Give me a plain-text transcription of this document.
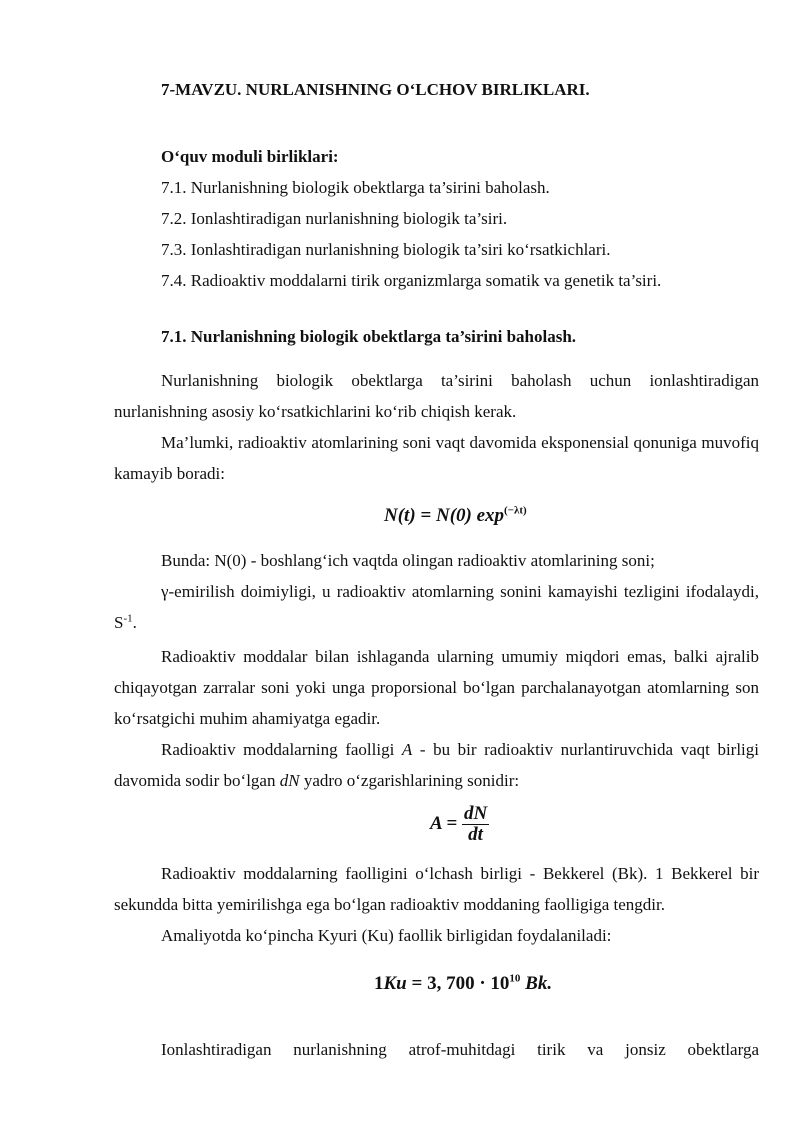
7-MAVZU. NURLANISHNING O‘LCHOV BIRLIKLARI.
O‘quv moduli birliklari:

7.1. Nurlanishning biologik obektlarga ta’sirini baholash.

7.2. Ionlashtiradigan nurlanishning biologik ta’siri.

7.3. Ionlashtiradigan nurlanishning biologik ta’siri ko‘rsatkichlari.

7.4. Radioaktiv moddalarni tirik organizmlarga somatik va genetik ta’siri.

7.1. Nurlanishning biologik obektlarga ta’sirini baholash.

Nurlanishning biologik obektlarga ta’sirini baholash uchun ionlashtiradigan nurlanishning asosiy ko‘rsatkichlarini ko‘rib chiqish kerak.

Ma’lumki, radioaktiv atomlarining soni vaqt davomida eksponensial qonuniga muvofiq kamayib boradi:

N(t) = N(0) $\exp^{(-\lambda t)}$

Bunda: N(0) - boshlang‘ich vaqtda olingan radioaktiv atomlarining soni;

γ-emirilish doimiyligi, u radioaktiv atomlarning sonini kamayishi tezligini ifodalaydi, $S^{-1}$.

Radioaktiv moddalar bilan ishlaganda ularning umumiy miqdori emas, balki ajralib chiqayotgan zarralar soni yoki unga proporsional bo‘lgan parchalanayotgan atomlarning son ko‘rsatgichi muhim ahamiyatga egadir.

Radioaktiv moddalarning faolligi A - bu bir radioaktiv nurlantiruvchida vaqt birligi davomida sodir bo‘lgan dN yadro o‘zgarishlarining sonidir:

$A = \frac{dN}{dt}$

Radioaktiv moddalarning faolligini o‘lchash birligi - Bekkerel (Bk). 1 Bekkerel bir sekundda bitta yemirilishga ega bo‘lgan radioaktiv moddaning faolligiga tengdir.

Amaliyotda ko‘pincha Kyuri (Ku) faollik birligidan foydalaniladi:

1Ku = 3, $700 \cdot 10^{10}$ Bk.

Ionlashtiradigan nurlanishning atrof-muhitdagi tirik va jonsiz obektlarga
